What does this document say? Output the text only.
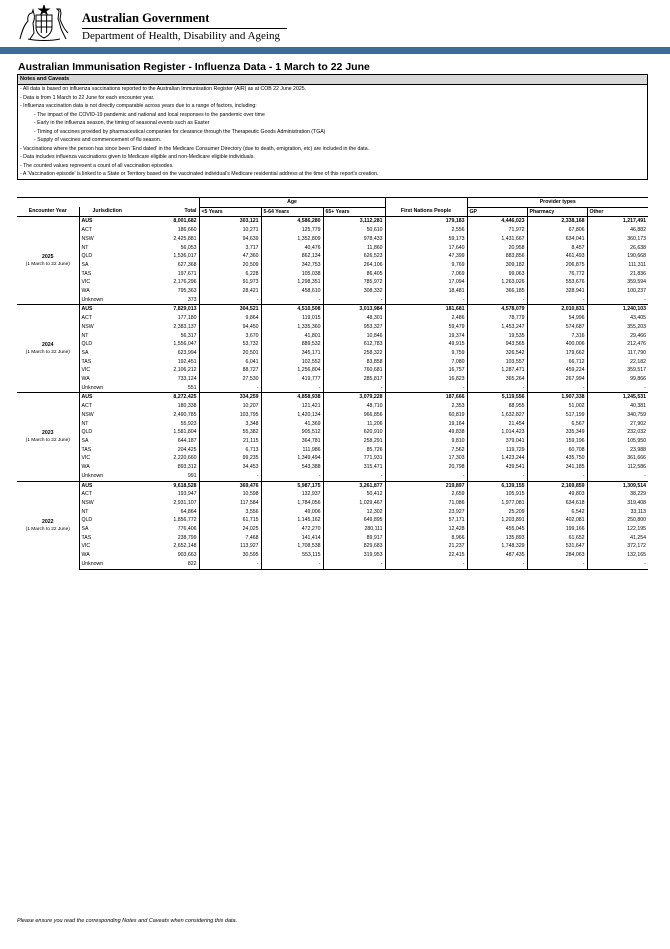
Australian Government
Department of Health, Disability and Ageing
Australian Immunisation Register - Influenza Data - 1 March to 22 June
Notes and Caveats
- All data is based on influenza vaccinations reported to the Australian Immunisation Register (AIR) as at COB 22 June 2025.
- Data is from 1 March to 22 June for each encounter year.
- Influenza vaccination data is not directly comparable across years due to a range of factors, including:
- The impact of the COVID-19 pandemic and national and local responses to the pandemic over time
- Early in the influenza season, the timing of seasonal events such as Easter
- Timing of vaccines provided by pharmaceutical companies for clearance through the Therapeutic Goods Administration (TGA)
- Supply of vaccines and commencement of flu season.
- Vaccinations where the person has since been 'End dated' in the Medicare Consumer Directory (due to death, emigration, etc) are included in the data.
- Data includes influenza vaccinations given to Medicare eligible and non-Medicare eligible individuals.
- The counted values represent a count of all vaccination episodes.
- A 'Vaccination episode' is linked to a State or Territory based on the vaccinated individual's Medicare residential address at the time of this report's creation.
			Age				Provider types		
Encounter Year	Jurisdiction	Total	<5 Years	5-64 Years	65+ Years	First Nations People	GP	Pharmacy	Other

2025
(1 March to 22 June)	AUS	8,001,682	303,121	4,586,280	3,112,281	179,183	4,446,023	2,338,168	1,217,491
	ACT	186,660	10,271	125,779	50,610	2,556	71,972	67,806	46,882
	NSW	2,425,881	94,639	1,352,809	978,433	59,173	1,431,667	634,041	360,173
	NT	56,053	3,717	40,476	11,860	17,640	20,958	8,457	26,638
	QLD	1,536,017	47,360	862,134	626,523	47,399	883,856	461,493	190,668
	SA	627,368	20,509	342,753	264,106	9,769	309,182	206,875	111,311
	TAS	197,671	6,228	105,038	86,405	7,069	99,063	76,772	21,836
	VIC	2,176,296	91,973	1,298,351	785,972	17,094	1,263,026	553,676	359,594
	WA	795,363	28,421	458,610	308,332	18,481	366,185	328,941	100,237
	Unknown	373	-	-	-	-	-	-	-

2024
(1 March to 22 June)	AUS	7,829,013	304,521	4,510,508	3,013,984	181,681	4,578,079	2,010,831	1,240,103
	ACT	177,180	9,864	119,015	48,301	2,486	78,779	54,996	43,405
	NSW	2,383,137	94,450	1,335,360	953,327	59,479	1,453,247	574,687	355,203
	NT	56,317	3,670	41,801	10,846	19,374	19,535	7,316	29,466
	QLD	1,556,047	53,732	889,532	612,783	49,915	943,565	400,006	212,476
	SA	623,994	20,501	345,171	258,322	9,759	326,542	179,662	117,790
	TAS	192,451	6,041	102,552	83,858	7,080	103,557	66,712	22,182
	VIC	2,106,212	88,727	1,256,804	760,681	16,757	1,287,471	459,224	359,517
	WA	733,124	27,530	419,777	285,817	16,823	365,264	267,994	99,866
	Unknown	551	-	-	-	-	-	-	-

2023
(1 March to 22 June)	AUS	8,272,425	334,259	4,858,938	3,079,228	187,666	5,119,556	1,907,338	1,245,531
	ACT	180,338	10,207	121,421	48,710	2,353	88,955	51,002	40,381
	NSW	2,490,785	103,795	1,420,134	966,856	60,819	1,632,827	517,199	340,759
	NT	55,923	3,348	41,369	11,206	19,164	21,454	6,567	27,902
	QLD	1,581,804	55,382	905,512	620,910	49,838	1,014,423	335,349	232,032
	SA	644,187	21,115	364,781	258,291	9,810	379,041	159,196	105,950
	TAS	204,425	6,713	111,986	85,726	7,562	119,729	60,708	23,988
	VIC	2,220,660	99,235	1,349,494	771,931	17,303	1,423,244	435,750	361,666
	WA	893,312	34,453	543,388	315,471	20,798	439,541	341,185	112,586
	Unknown	991	-	-	-	-	-	-	-

2022
(1 March to 22 June)	AUS	9,618,528	369,476	5,987,175	3,261,877	219,897	6,139,155	2,169,859	1,309,514
	ACT	193,947	10,598	132,937	50,412	2,659	105,915	49,803	38,229
	NSW	2,931,107	117,584	1,784,056	1,029,467	71,086	1,977,081	634,618	319,408
	NT	64,864	3,556	49,006	12,302	23,927	25,209	6,542	33,113
	QLD	1,856,772	61,715	1,145,162	649,895	57,171	1,203,891	402,081	250,800
	SA	776,406	24,025	472,270	280,111	12,428	455,045	199,166	122,195
	TAS	238,799	7,468	141,414	89,917	8,966	135,893	61,652	41,254
	VIC	2,652,148	113,927	1,708,538	829,683	21,237	1,748,329	531,647	372,172
	WA	903,663	30,595	553,115	319,953	22,415	487,435	284,063	132,165
	Unknown	822	-	-	-	-	-	-	-
Please ensure you read the corresponding Notes and Caveats when considering this data.
